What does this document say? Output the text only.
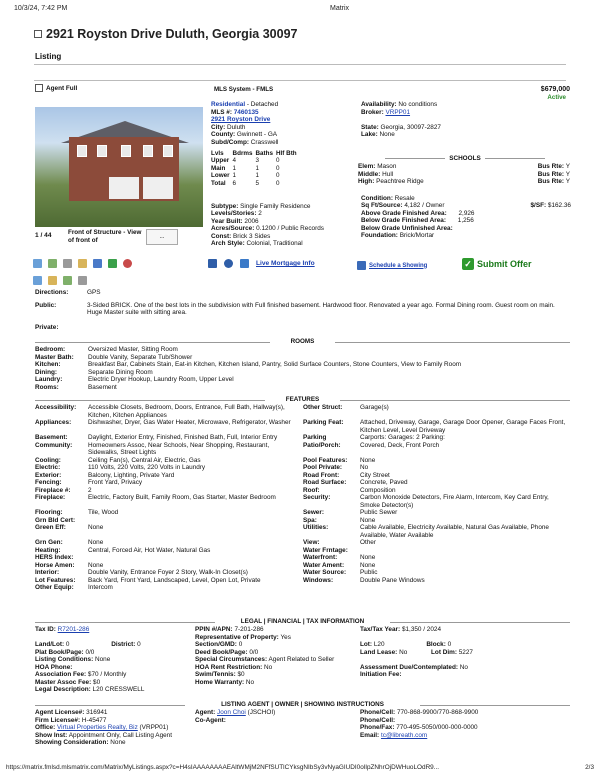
10/3/24, 7:42 PM	Matrix
2921 Royston Drive Duluth, Georgia 30097
Listing
Agent Full	MLS System - FMLS	$679,000
Active
1 / 44	Front of Structure - View of front of	...
Residential - Detached
MLS #: 7460135
2921 Royston Drive
City: Duluth
County: Gwinnett - GA
Subd/Comp: Crasswell
Lvls	Bdrms	Baths	Hlf Bth
Upper	4	3	0
Main	1	1	0
Lower	1	1	0
Total	6	5	0
Availability: No conditions
Broker: VRPP01

State: Georgia, 30097-2827
Lake: None
SCHOOLS
Elem: Mason	Bus Rte: Y
Middle: Hull	Bus Rte: Y
High: Peachtree Ridge	Bus Rte: Y
Subtype: Single Family Residence
Levels/Stories: 2
Year Built: 2006
Acres/Source: 0.1200 / Public Records
Const: Brick 3 Sides
Arch Style: Colonial, Traditional
Condition: Resale
Sq Ft/Source: 4,182 / Owner	$/SF: $162.36
Above Grade Finished Area: 2,926
Below Grade Finished Area: 1,256
Below Grade Unfinished Area:
Foundation: Brick/Mortar
Live Mortgage Info	Schedule a Showing	✓ Submit Offer
Directions:	GPS
Public:	3-Sided BRICK. One of the best lots in the subdivision with Full finished basement. Hardwood floor. Renovated a year ago. Formal Dining room. Guest room on main. Huge Master suite with sitting area.
Private:
ROOMS
Bedroom:	Oversized Master, Sitting Room
Master Bath:	Double Vanity, Separate Tub/Shower
Kitchen:	Breakfast Bar, Cabinets Stain, Eat-in Kitchen, Kitchen Island, Pantry, Solid Surface Counters, Stone Counters, View to Family Room
Dining:	Separate Dining Room
Laundry:	Electric Dryer Hookup, Laundry Room, Upper Level
Rooms:	Basement
FEATURES
Accessibility:	Accessible Closets, Bedroom, Doors, Entrance, Full Bath, Hallway(s), Kitchen, Kitchen Appliances
Other Struct:	Garage(s)
Appliances:	Dishwasher, Dryer, Gas Water Heater, Microwave, Refrigerator, Washer	Parking Feat:	Attached, Driveway, Garage, Garage Door Opener, Garage Faces Front, Kitchen Level, Level Driveway
Basement:	Daylight, Exterior Entry, Finished, Finished Bath, Full, Interior Entry	Parking	Carports: Garages: 2 Parking:
Community:	Homeowners Assoc, Near Schools, Near Shopping, Restaurant, Sidewalks, Street Lights
Patio/Porch:	Covered, Deck, Front Porch
Cooling:	Ceiling Fan(s), Central Air, Electric, Gas	Pool Features:	None
Electric:	110 Volts, 220 Volts, 220 Volts in Laundry	Pool Private:	No
Exterior:	Balcony, Lighting, Private Yard	Road Front:	City Street
Fencing:	Front Yard, Privacy	Road Surface:	Concrete, Paved
Fireplace #:	2	Roof:	Composition
Fireplace:	Electric, Factory Built, Family Room, Gas Starter, Master Bedroom	Security:	Carbon Monoxide Detectors, Fire Alarm, Intercom, Key Card Entry, Smoke Detector(s)
Flooring:	Tile, Wood	Sewer:	Public Sewer
Grn Bld Cert:	Spa:	None
Green Eff:	None	Utilities:	Cable Available, Electricity Available, Natural Gas Available, Phone Available, Water Available
Grn Gen:	None	View:	Other
Heating:	Central, Forced Air, Hot Water, Natural Gas	Water Frntage:
HERS Index:	Waterfront:	None
Horse Amen:	None	Water Ament:	None
Interior:	Double Vanity, Entrance Foyer 2 Story, Walk-In Closet(s)	Water Source:	Public
Lot Features:	Back Yard, Front Yard, Landscaped, Level, Open Lot, Private	Windows:	Double Pane Windows
Other Equip:	Intercom
LEGAL | FINANCIAL | TAX INFORMATION
Tax ID: R7201-286	PPIN #/APN: 7-201-286	Tax/Tax Year: $1,350 / 2024
Representative of Property: Yes
Land/Lot: 0	District: 0	Section/GMD: 0	Lot: L20	Block: 0
Plat Book/Page: 0/0	Deed Book/Page: 0/0	Land Lease: No	Lot Dim: 5227
Listing Conditions: None	Special Circumstances: Agent Related to Seller
HOA Phone:	HOA Rent Restriction: No	Assessment Due/Contemplated: No
Association Fee: $70 / Monthly	Swim/Tennis: $0	Initiation Fee:
Master Assoc Fee: $0	Home Warranty: No
Legal Description: L20 CRESSWELL
LISTING AGENT | OWNER | SHOWING INSTRUCTIONS
Agent License#: 316941	Agent: Joon Choi (JSCHOI)	Phone/Cell: 770-868-9900/770-868-9900
Firm License#: H-45477	Co-Agent:	Phone/Cell:
Office: Virtual Properties Realty, Biz (VRPP01)	Phone/Fax: 770-495-5050/000-000-0000
Show Inst: Appointment Only, Call Listing Agent	Email: tc@libreath.com
Showing Consideration: None
https://matrix.fmlsd.mlsmatrix.com/Matrix/MyListings.aspx?c=H4sIAAAAAAAAEAltWMjM2NFfSUTlCYksgNIbSy3vNyaGIUDI0olIpZNhrOjDWHuoLOdR9...	2/3
